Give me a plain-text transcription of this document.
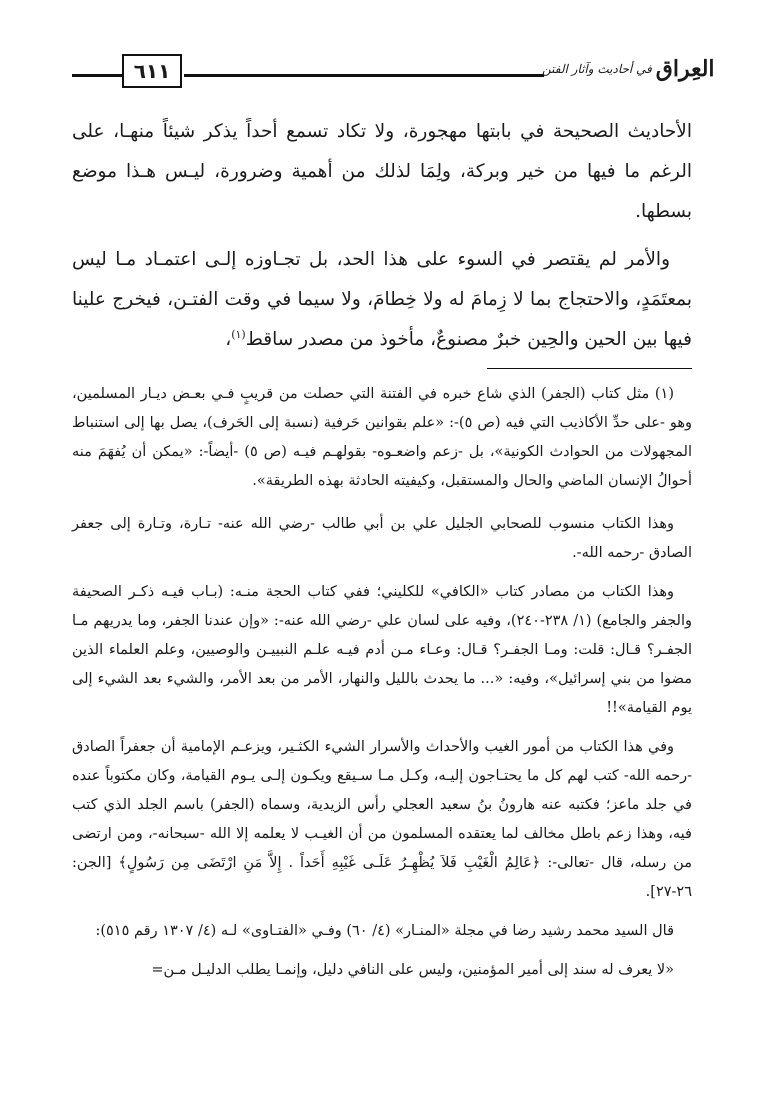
٦١١	العِراق
في أحاديث وآثار الفتن

الأحاديث الصحيحة في بابتها مهجورة، ولا تكاد تسمع أحداً يذكر شيئاً منهـا، على الرغم ما فيها من خير وبركة، ولِمَا لذلك من أهمية وضرورة، ليـس هـذا موضع بسطها.

والأمر لم يقتصر في السوء على هذا الحد، بل تجـاوزه إلـى اعتمـاد مـا ليس بمعتَمَدٍ، والاحتجاج بما لا زِمامَ له ولا خِطامَ، ولا سيما في وقت الفتـن، فيخرج علينا فيها بين الحين والحِين خبرٌ مصنوعٌ، مأخوذ من مصدر ساقط$^{(١)}$،

(١) مثل كتاب (الجفر) الذي شاع خبره في الفتنة التي حصلت من قريبٍ فـي بعـض ديـار المسلمين، وهو -على حدِّ الأكاذيب التي فيه (ص ٥)-: «علم بقوانين حَرفية (نسبة إلى الحَرف)، يصل بها إلى استنباط المجهولات من الحوادث الكونية»، بل -زعم واضعـوه- بقولهـم فيـه (ص ٥) -أيضاً-: «يمكن أن يُفهَمَ منه أحوالُ الإنسان الماضي والحال والمستقبل، وكيفيته الحادثة بهذه الطريقة».

وهذا الكتاب منسوب للصحابي الجليل علي بن أبي طالب -رضي الله عنه- تـارة، وتـارة إلى جعفر الصادق -رحمه الله-.

وهذا الكتاب من مصادر كتاب «الكافي» للكليني؛ ففي كتاب الحجة منـه: (بـاب فيـه ذكـر الصحيفة والجفر والجامع) (١/ ٢٣٨-٢٤٠)، وفيه على لسان علي -رضي الله عنه-: «وإن عندنا الجفر، وما يدريهم مـا الجفـر؟ قـال: قلت: ومـا الجفـر؟ قـال: وعـاء مـن أدم فيـه علـم النبييـن والوصيين، وعلم العلماء الذين مضوا من بني إسرائيل»، وفيه: «... ما يحدث بالليل والنهار، الأمر من بعد الأمر، والشيء بعد الشيء إلى يوم القيامة»!!

وفي هذا الكتاب من أمور الغيب والأحداث والأسرار الشيء الكثـير، ويزعـم الإمامية أن جعفراً الصادق -رحمه الله- كتب لهم كل ما يحتـاجون إليـه، وكـل مـا سـيقع ويكـون إلـى يـوم القيامة، وكان مكتوباً عنده في جلد ماعز؛ فكتبه عنه هارونُ بنُ سعيد العجلي رأس الزيدية، وسماه (الجفر) باسم الجلد الذي كتب فيه، وهذا زعم باطل مخالف لما يعتقده المسلمون من أن الغيـب لا يعلمه إلا الله -سبحانه-، ومن ارتضى من رسله، قال -تعالى-: ﴿عَالِمُ الْغَيْبِ فَلاَ يُظْهِـرُ عَلَـى غَيْبِهِ أَحَداً . إِلاَّ مَنِ ارْتَضَى مِن رَسُولٍ﴾ [الجن: ٢٦-٢٧].

قال السيد محمد رشيد رضا في مجلة «المنـار» (٤/ ٦٠) وفـي «الفتـاوى» لـه (٤/ ١٣٠٧ رقم ٥١٥):

«لا يعرف له سند إلى أمير المؤمنين، وليس على النافي دليل، وإنمـا يطلب الدليـل مـن=
